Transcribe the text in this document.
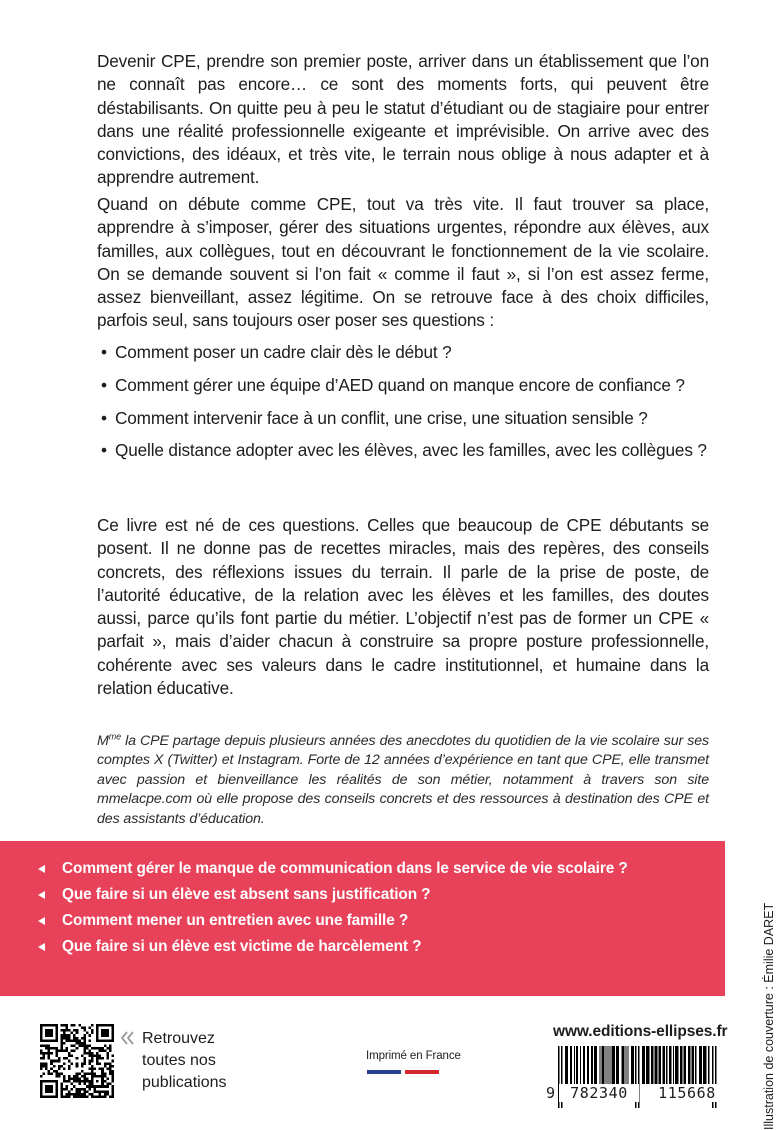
Devenir CPE, prendre son premier poste, arriver dans un établissement que l’on ne connaît pas encore… ce sont des moments forts, qui peuvent être déstabilisants. On quitte peu à peu le statut d’étudiant ou de stagiaire pour entrer dans une réalité professionnelle exigeante et imprévisible. On arrive avec des convictions, des idéaux, et très vite, le terrain nous oblige à nous adapter et à apprendre autrement.

Quand on débute comme CPE, tout va très vite. Il faut trouver sa place, apprendre à s’imposer, gérer des situations urgentes, répondre aux élèves, aux familles, aux collègues, tout en découvrant le fonctionnement de la vie scolaire. On se demande souvent si l’on fait « comme il faut », si l’on est assez ferme, assez bienveillant, assez légitime. On se retrouve face à des choix difficiles, parfois seul, sans toujours oser poser ses questions :

• Comment poser un cadre clair dès le début ?
• Comment gérer une équipe d’AED quand on manque encore de confiance ?
• Comment intervenir face à un conflit, une crise, une situation sensible ?
• Quelle distance adopter avec les élèves, avec les familles, avec les collègues ?

Ce livre est né de ces questions. Celles que beaucoup de CPE débutants se posent. Il ne donne pas de recettes miracles, mais des repères, des conseils concrets, des réflexions issues du terrain. Il parle de la prise de poste, de l’autorité éducative, de la relation avec les élèves et les familles, des doutes aussi, parce qu’ils font partie du métier. L’objectif n’est pas de former un CPE « parfait », mais d’aider chacun à construire sa propre posture professionnelle, cohérente avec ses valeurs dans le cadre institutionnel, et humaine dans la relation éducative.

$M^{me}$ la CPE partage depuis plusieurs années des anecdotes du quotidien de la vie scolaire sur ses comptes X (Twitter) et Instagram. Forte de 12 années d’expérience en tant que CPE, elle transmet avec passion et bienveillance les réalités de son métier, notamment à travers son site mmelacpe.com où elle propose des conseils concrets et des ressources à destination des CPE et des assistants d’éducation.

Comment gérer le manque de communication dans le service de vie scolaire ?
Que faire si un élève est absent sans justification ?
Comment mener un entretien avec une famille ?
Que faire si un élève est victime de harcèlement ?	Illustration de couverture : Émilie DARET

Retrouvez
toutes nos
publications

Imprimé en France
www.editions-ellipses.fr
9	782340	115668
